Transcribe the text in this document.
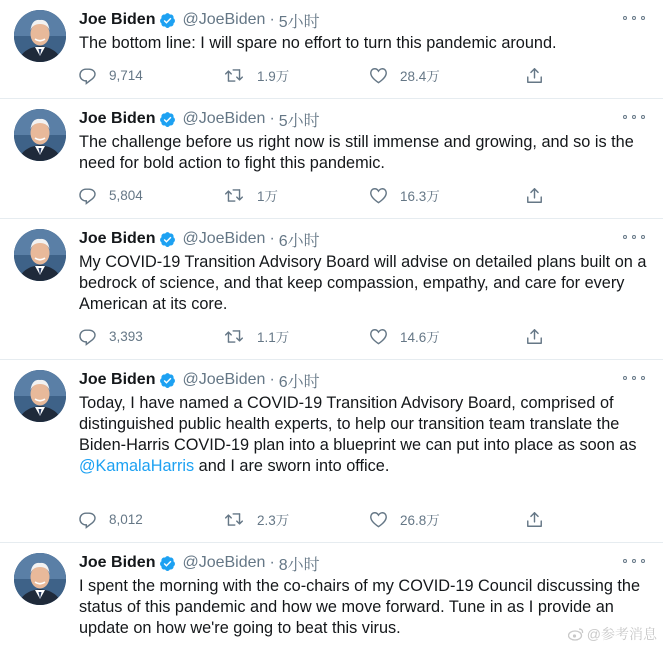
Joe Biden @JoeBiden · 5小时
The bottom line: I will spare no effort to turn this pandemic around.
9,714	1.9万	28.4万
Joe Biden @JoeBiden · 5小时
The challenge before us right now is still immense and growing, and so is the need for bold action to fight this pandemic.
5,804	1万	16.3万
Joe Biden @JoeBiden · 6小时
My COVID-19 Transition Advisory Board will advise on detailed plans built on a bedrock of science, and that keep compassion, empathy, and care for every American at its core.
3,393	1.1万	14.6万
Joe Biden @JoeBiden · 6小时
Today, I have named a COVID-19 Transition Advisory Board, comprised of distinguished public health experts, to help our transition team translate the Biden-Harris COVID-19 plan into a blueprint we can put into place as soon as @KamalaHarris and I are sworn into office.
8,012	2.3万	26.8万
Joe Biden @JoeBiden · 8小时
I spent the morning with the co-chairs of my COVID-19 Council discussing the status of this pandemic and how we move forward. Tune in as I provide an update on how we're going to beat this virus.	@参考消息
